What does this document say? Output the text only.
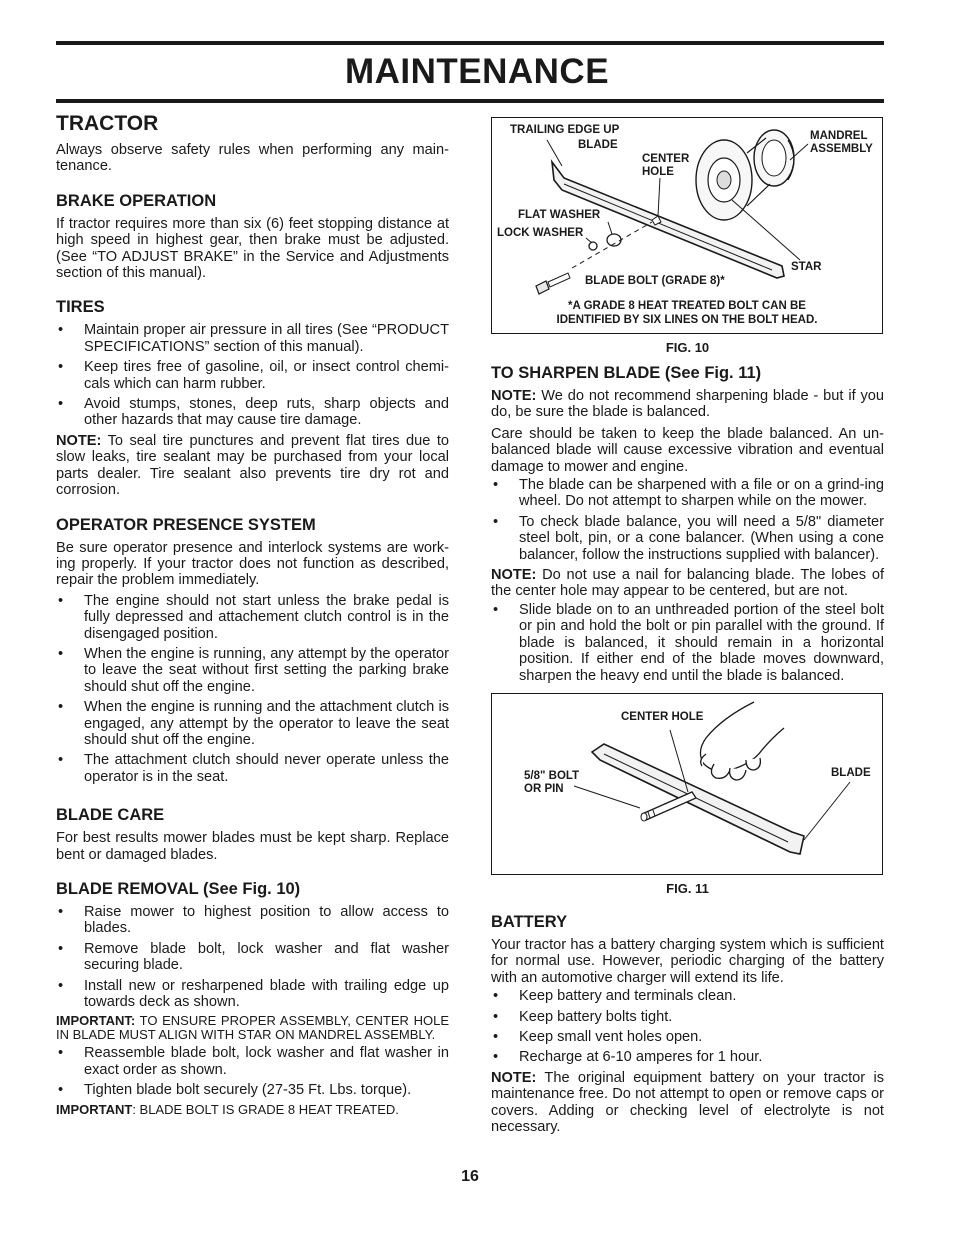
MAINTENANCE
TRACTOR

Always observe safety rules when performing any main-tenance.

BRAKE OPERATION

If tractor requires more than six (6) feet stopping distance at high speed in highest gear, then brake must be adjusted. (See “TO ADJUST BRAKE” in the Service and Adjustments section of this manual).

TIRES
• Maintain proper air pressure in all tires (See “PRODUCT SPECIFICATIONS” section of this manual).
• Keep tires free of gasoline, oil, or insect control chemi-cals which can harm rubber.
• Avoid stumps, stones, deep ruts, sharp objects and other hazards that may cause tire damage.

NOTE: To seal tire punctures and prevent flat tires due to slow leaks, tire sealant may be purchased from your local parts dealer. Tire sealant also prevents tire dry rot and corrosion.

OPERATOR PRESENCE SYSTEM

Be sure operator presence and interlock systems are work-ing properly. If your tractor does not function as described, repair the problem immediately.

• The engine should not start unless the brake pedal is fully depressed and attachement clutch control is in the disengaged position.
• When the engine is running, any attempt by the operator to leave the seat without first setting the parking brake should shut off the engine.
• When the engine is running and the attachment clutch is engaged, any attempt by the operator to leave the seat should shut off the engine.
• The attachment clutch should never operate unless the operator is in the seat.
BLADE CARE

For best results mower blades must be kept sharp. Replace bent or damaged blades.

BLADE REMOVAL (See Fig. 10)
• Raise mower to highest position to allow access to blades.
• Remove blade bolt, lock washer and flat washer securing blade.
• Install new or resharpened blade with trailing edge up towards deck as shown.

IMPORTANT: TO ENSURE PROPER ASSEMBLY, CENTER HOLE IN BLADE MUST ALIGN WITH STAR ON MANDREL ASSEMBLY.

• Reassemble blade bolt, lock washer and flat washer in exact order as shown.
• Tighten blade bolt securely (27-35 Ft. Lbs. torque).

IMPORTANT: BLADE BOLT IS GRADE 8 HEAT TREATED.

TRAILING EDGE UP
BLADE
CENTER
HOLE
MANDREL
ASSEMBLY
FLAT WASHER
LOCK WASHER
STAR
BLADE BOLT (GRADE 8)*
*A GRADE 8 HEAT TREATED BOLT CAN BE
IDENTIFIED BY SIX LINES ON THE BOLT HEAD.
FIG. 10
TO SHARPEN BLADE (See Fig. 11)

NOTE: We do not recommend sharpening blade - but if you do, be sure the blade is balanced.

Care should be taken to keep the blade balanced. An un-balanced blade will cause excessive vibration and eventual damage to mower and engine.

• The blade can be sharpened with a file or on a grind-ing wheel. Do not attempt to sharpen while on the mower.
• To check blade balance, you will need a 5/8" diameter steel bolt, pin, or a cone balancer. (When using a cone balancer, follow the instructions supplied with balancer).

NOTE: Do not use a nail for balancing blade. The lobes of the center hole may appear to be centered, but are not.

• Slide blade on to an unthreaded portion of the steel bolt or pin and hold the bolt or pin parallel with the ground. If blade is balanced, it should remain in a horizontal position. If either end of the blade moves downward, sharpen the heavy end until the blade is balanced.
CENTER HOLE
5/8" BOLT
OR PIN
BLADE
FIG. 11
BATTERY

Your tractor has a battery charging system which is sufficient for normal use. However, periodic charging of the battery with an automotive charger will extend its life.

• Keep battery and terminals clean.
• Keep battery bolts tight.
• Keep small vent holes open.
• Recharge at 6-10 amperes for 1 hour.

NOTE: The original equipment battery on your tractor is maintenance free. Do not attempt to open or remove caps or covers. Adding or checking level of electrolyte is not necessary.

16
